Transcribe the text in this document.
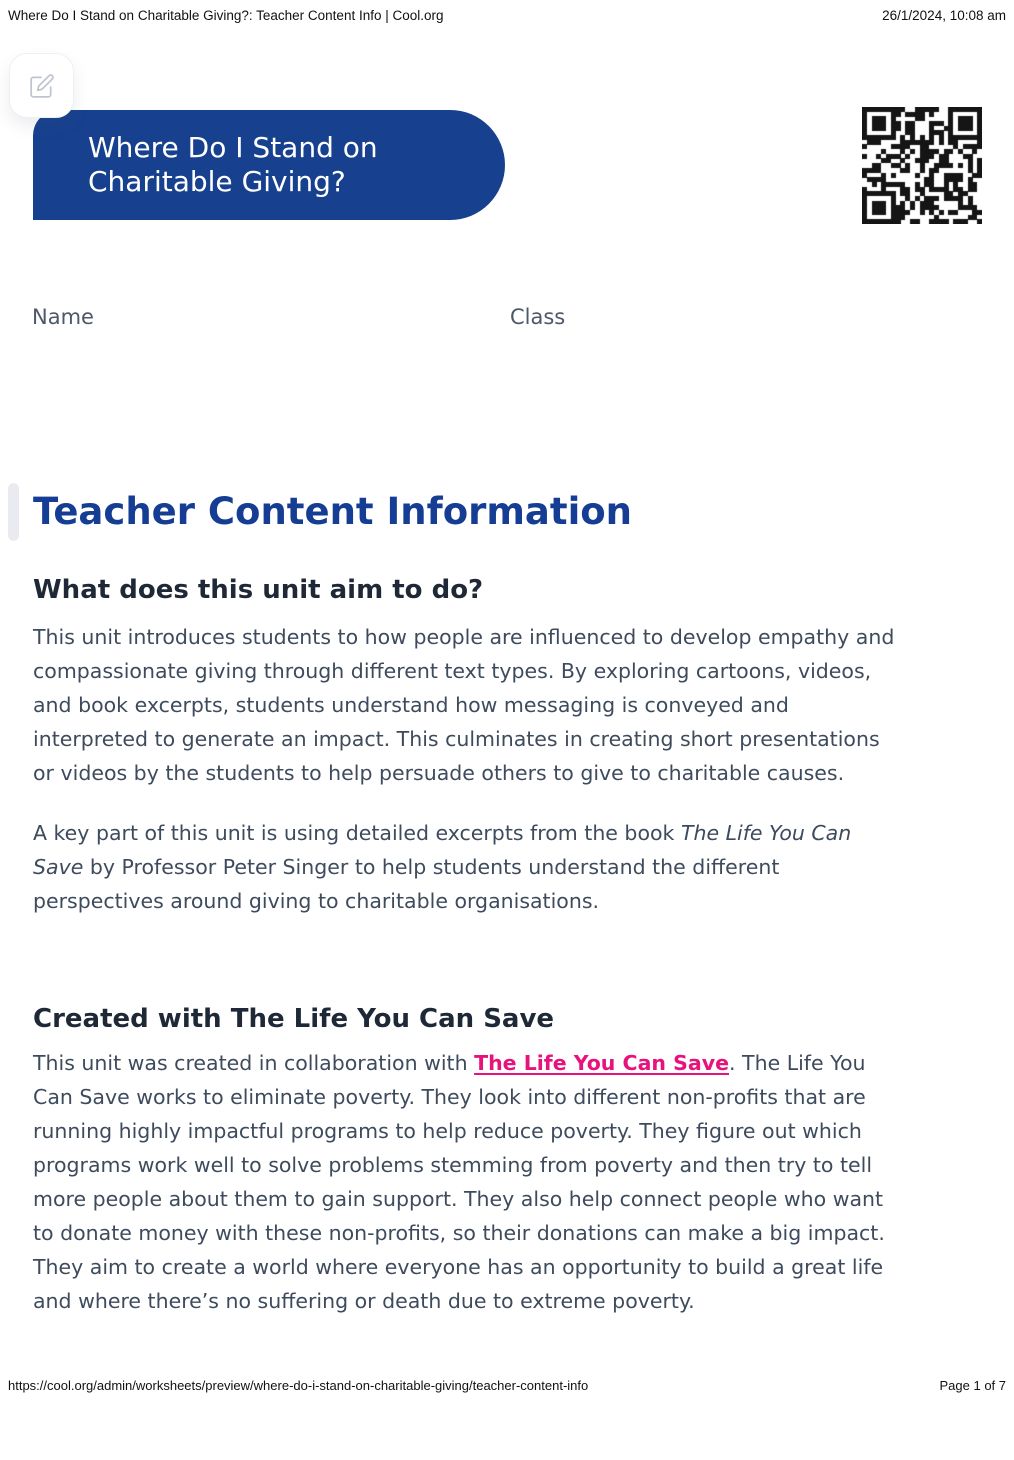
Where Do I Stand on Charitable Giving?: Teacher Content Info | Cool.org	26/1/2024, 10:08 am
Where Do I Stand on Charitable Giving?
Name	Class
Teacher Content Information
What does this unit aim to do?
This unit introduces students to how people are influenced to develop empathy and
compassionate giving through different text types. By exploring cartoons, videos,
and book excerpts, students understand how messaging is conveyed and
interpreted to generate an impact. This culminates in creating short presentations
or videos by the students to help persuade others to give to charitable causes.
A key part of this unit is using detailed excerpts from the book The Life You Can
Save by Professor Peter Singer to help students understand the different
perspectives around giving to charitable organisations.
Created with The Life You Can Save
This unit was created in collaboration with The Life You Can Save. The Life You
Can Save works to eliminate poverty. They look into different non-profits that are
running highly impactful programs to help reduce poverty. They figure out which
programs work well to solve problems stemming from poverty and then try to tell
more people about them to gain support. They also help connect people who want
to donate money with these non-profits, so their donations can make a big impact.
They aim to create a world where everyone has an opportunity to build a great life
and where there’s no suffering or death due to extreme poverty.
https://cool.org/admin/worksheets/preview/where-do-i-stand-on-charitable-giving/teacher-content-info	Page 1 of 7
